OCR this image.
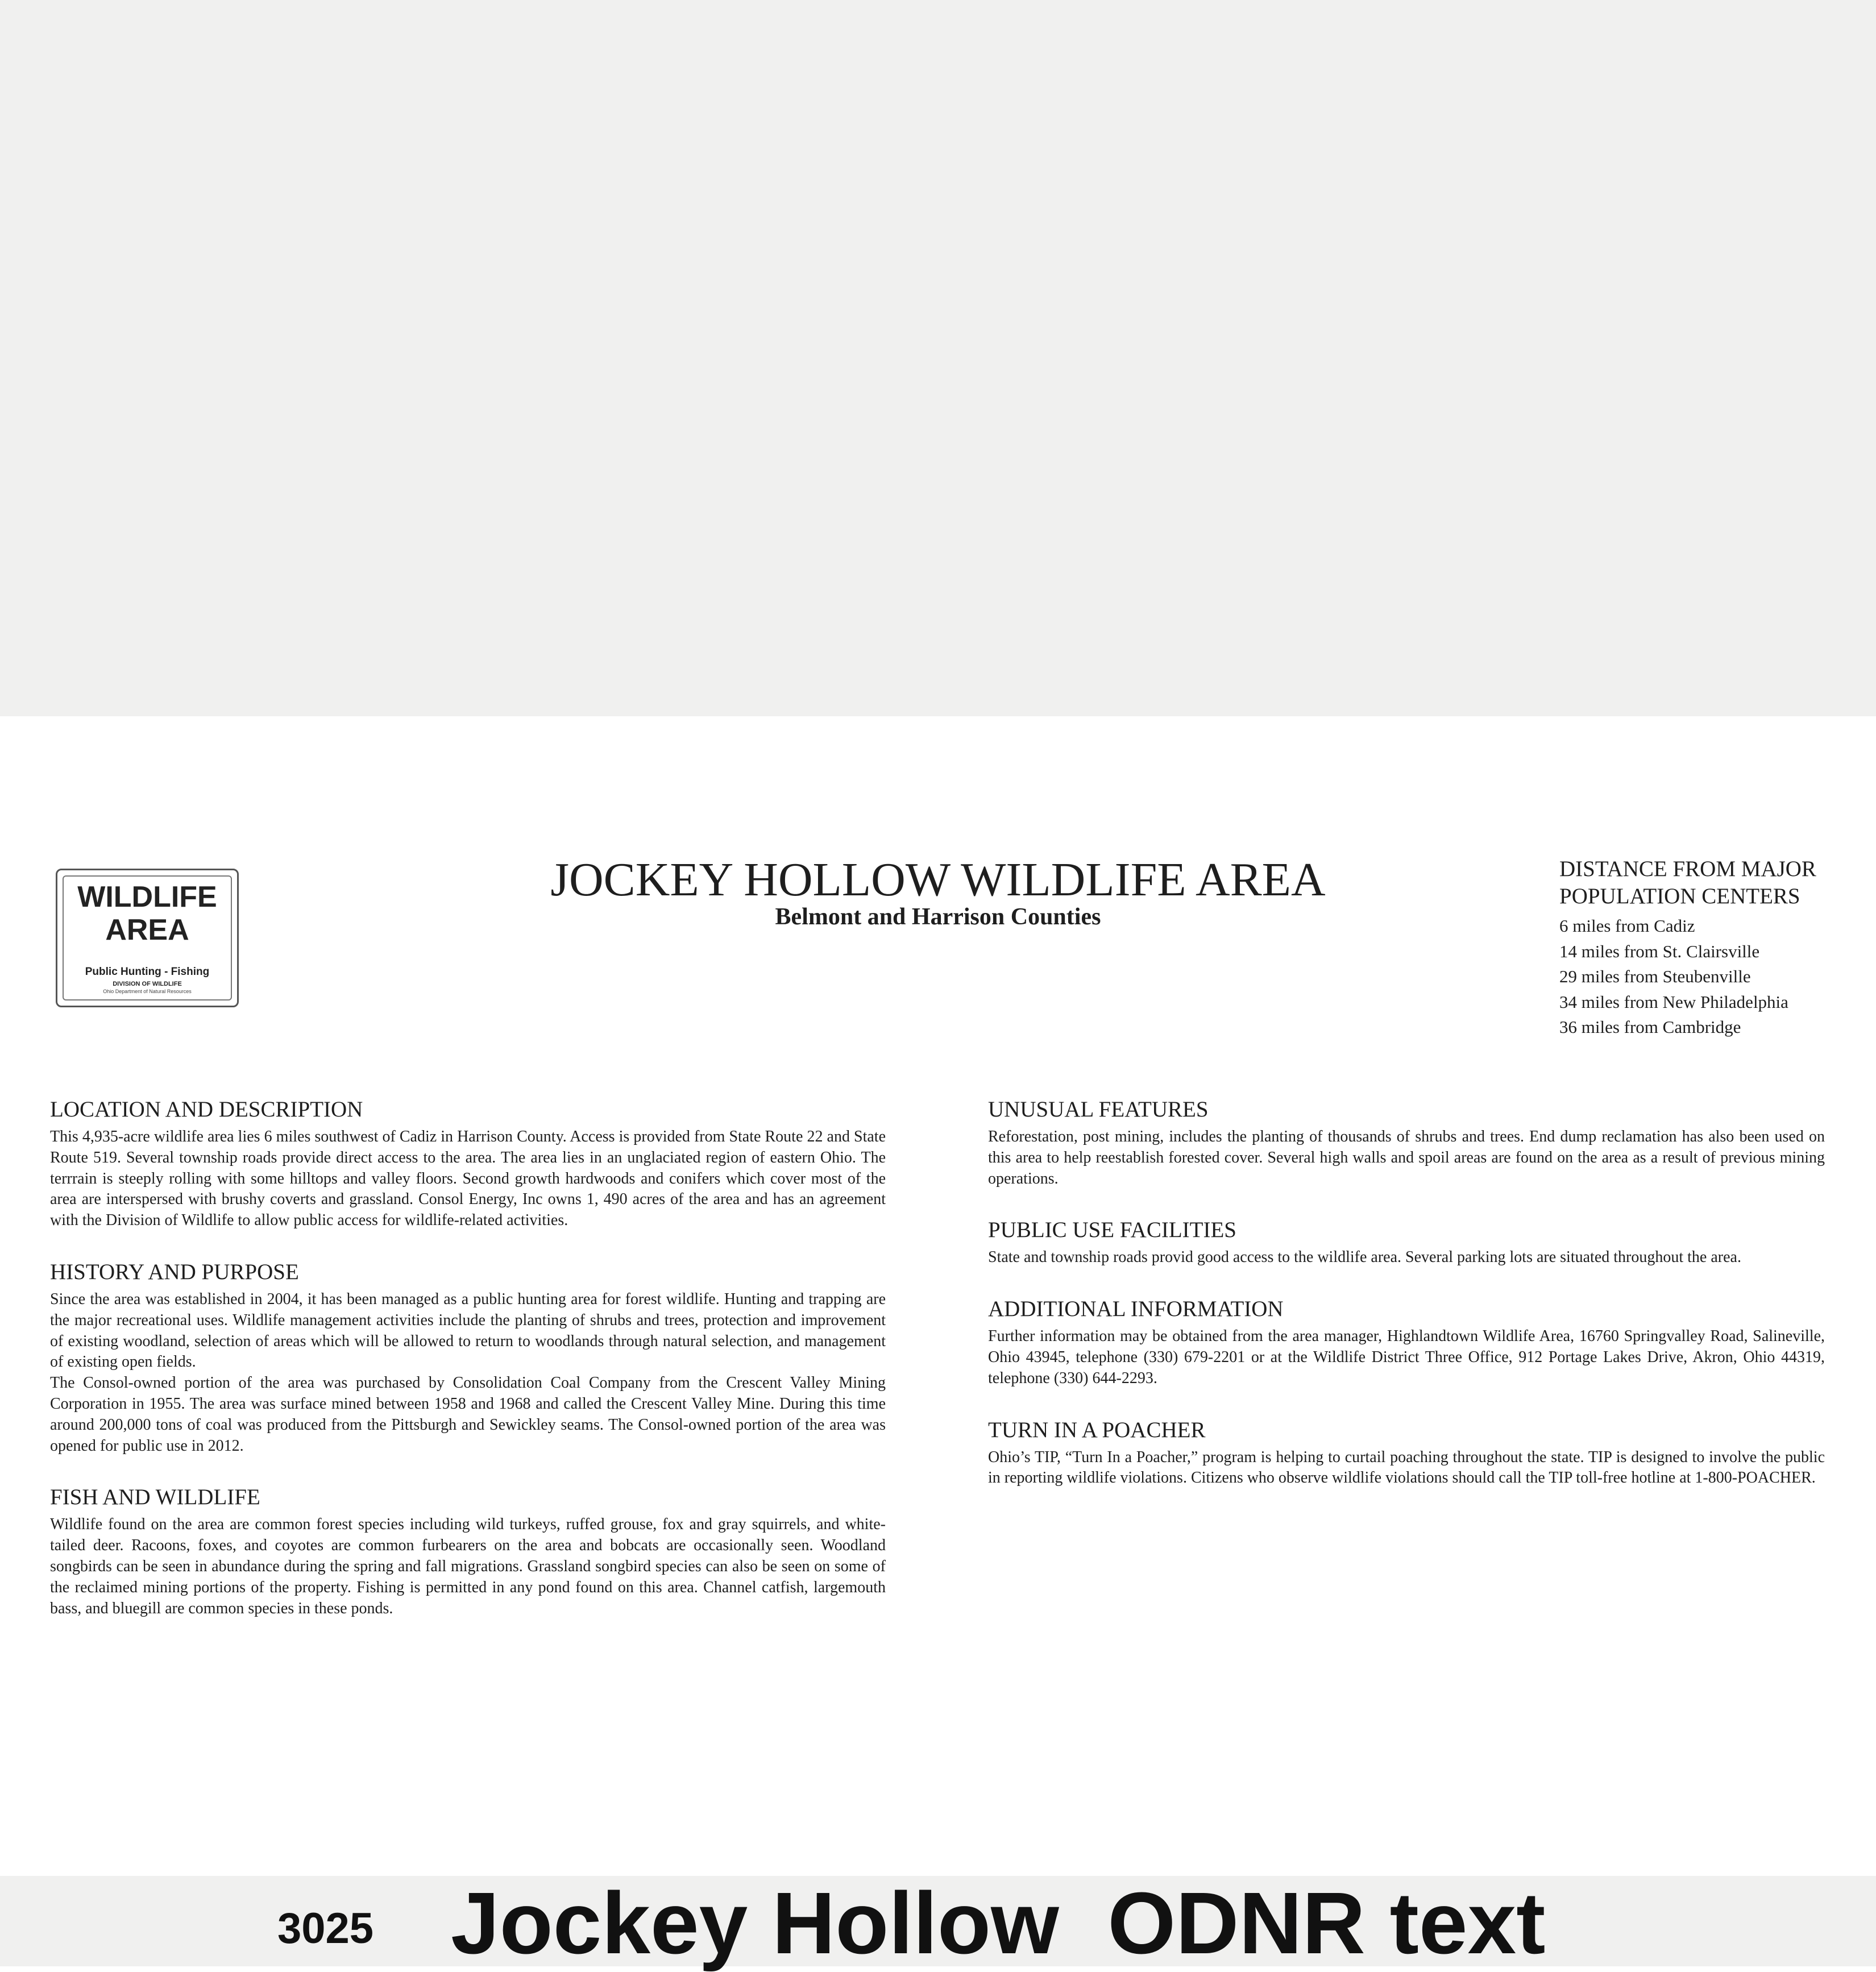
WILDLIFE
AREA
Public Hunting - Fishing
DIVISION OF WILDLIFE
Ohio Department of Natural Resources
JOCKEY HOLLOW WILDLIFE AREA
Belmont and Harrison Counties
DISTANCE FROM MAJOR
POPULATION CENTERS
6 miles from Cadiz
14 miles from St. Clairsville
29 miles from Steubenville
34 miles from New Philadelphia
36 miles from Cambridge
LOCATION AND DESCRIPTION

This 4,935-acre wildlife area lies 6 miles southwest of Cadiz in Harrison County. Access is provided from State Route 22 and State Route 519. Several township roads provide direct access to the area. The area lies in an unglaciated region of eastern Ohio. The terrrain is steeply rolling with some hilltops and valley floors. Second growth hardwoods and conifers which cover most of the area are interspersed with brushy coverts and grassland. Consol Energy, Inc owns 1, 490 acres of the area and has an agreement with the Division of Wildlife to allow public access for wildlife-related activities.

HISTORY AND PURPOSE

Since the area was established in 2004, it has been managed as a public hunting area for forest wildlife. Hunting and trapping are the major recreational uses. Wildlife management activities include the planting of shrubs and trees, protection and improvement of existing woodland, selection of areas which will be allowed to return to woodlands through natural selection, and management of existing open fields.

The Consol-owned portion of the area was purchased by Consolidation Coal Company from the Crescent Valley Mining Corporation in 1955. The area was surface mined between 1958 and 1968 and called the Crescent Valley Mine. During this time around 200,000 tons of coal was produced from the Pittsburgh and Sewickley seams. The Consol-owned portion of the area was opened for public use in 2012.

FISH AND WILDLIFE

Wildlife found on the area are common forest species including wild turkeys, ruffed grouse, fox and gray squirrels, and white-tailed deer. Racoons, foxes, and coyotes are common furbearers on the area and bobcats are occasionally seen. Woodland songbirds can be seen in abundance during the spring and fall migrations. Grassland songbird species can also be seen on some of the reclaimed mining portions of the property. Fishing is permitted in any pond found on this area. Channel catfish, largemouth bass, and bluegill are common species in these ponds.

UNUSUAL FEATURES

Reforestation, post mining, includes the planting of thousands of shrubs and trees. End dump reclamation has also been used on this area to help reestablish forested cover. Several high walls and spoil areas are found on the area as a result of previous mining operations.

PUBLIC USE FACILITIES

State and township roads provid good access to the wildlife area. Several parking lots are situated throughout the area.

ADDITIONAL INFORMATION

Further information may be obtained from the area manager, Highlandtown Wildlife Area, 16760 Springvalley Road, Salineville, Ohio 43945, telephone (330) 679-2201 or at the Wildlife District Three Office, 912 Portage Lakes Drive, Akron, Ohio 44319, telephone (330) 644-2293.

TURN IN A POACHER

Ohio’s TIP, “Turn In a Poacher,” program is helping to curtail poaching throughout the state. TIP is designed to involve the public in reporting wildlife violations. Citizens who observe wildlife violations should call the TIP toll-free hotline at 1-800-POACHER.

3025 Jockey Hollow  ODNR text
